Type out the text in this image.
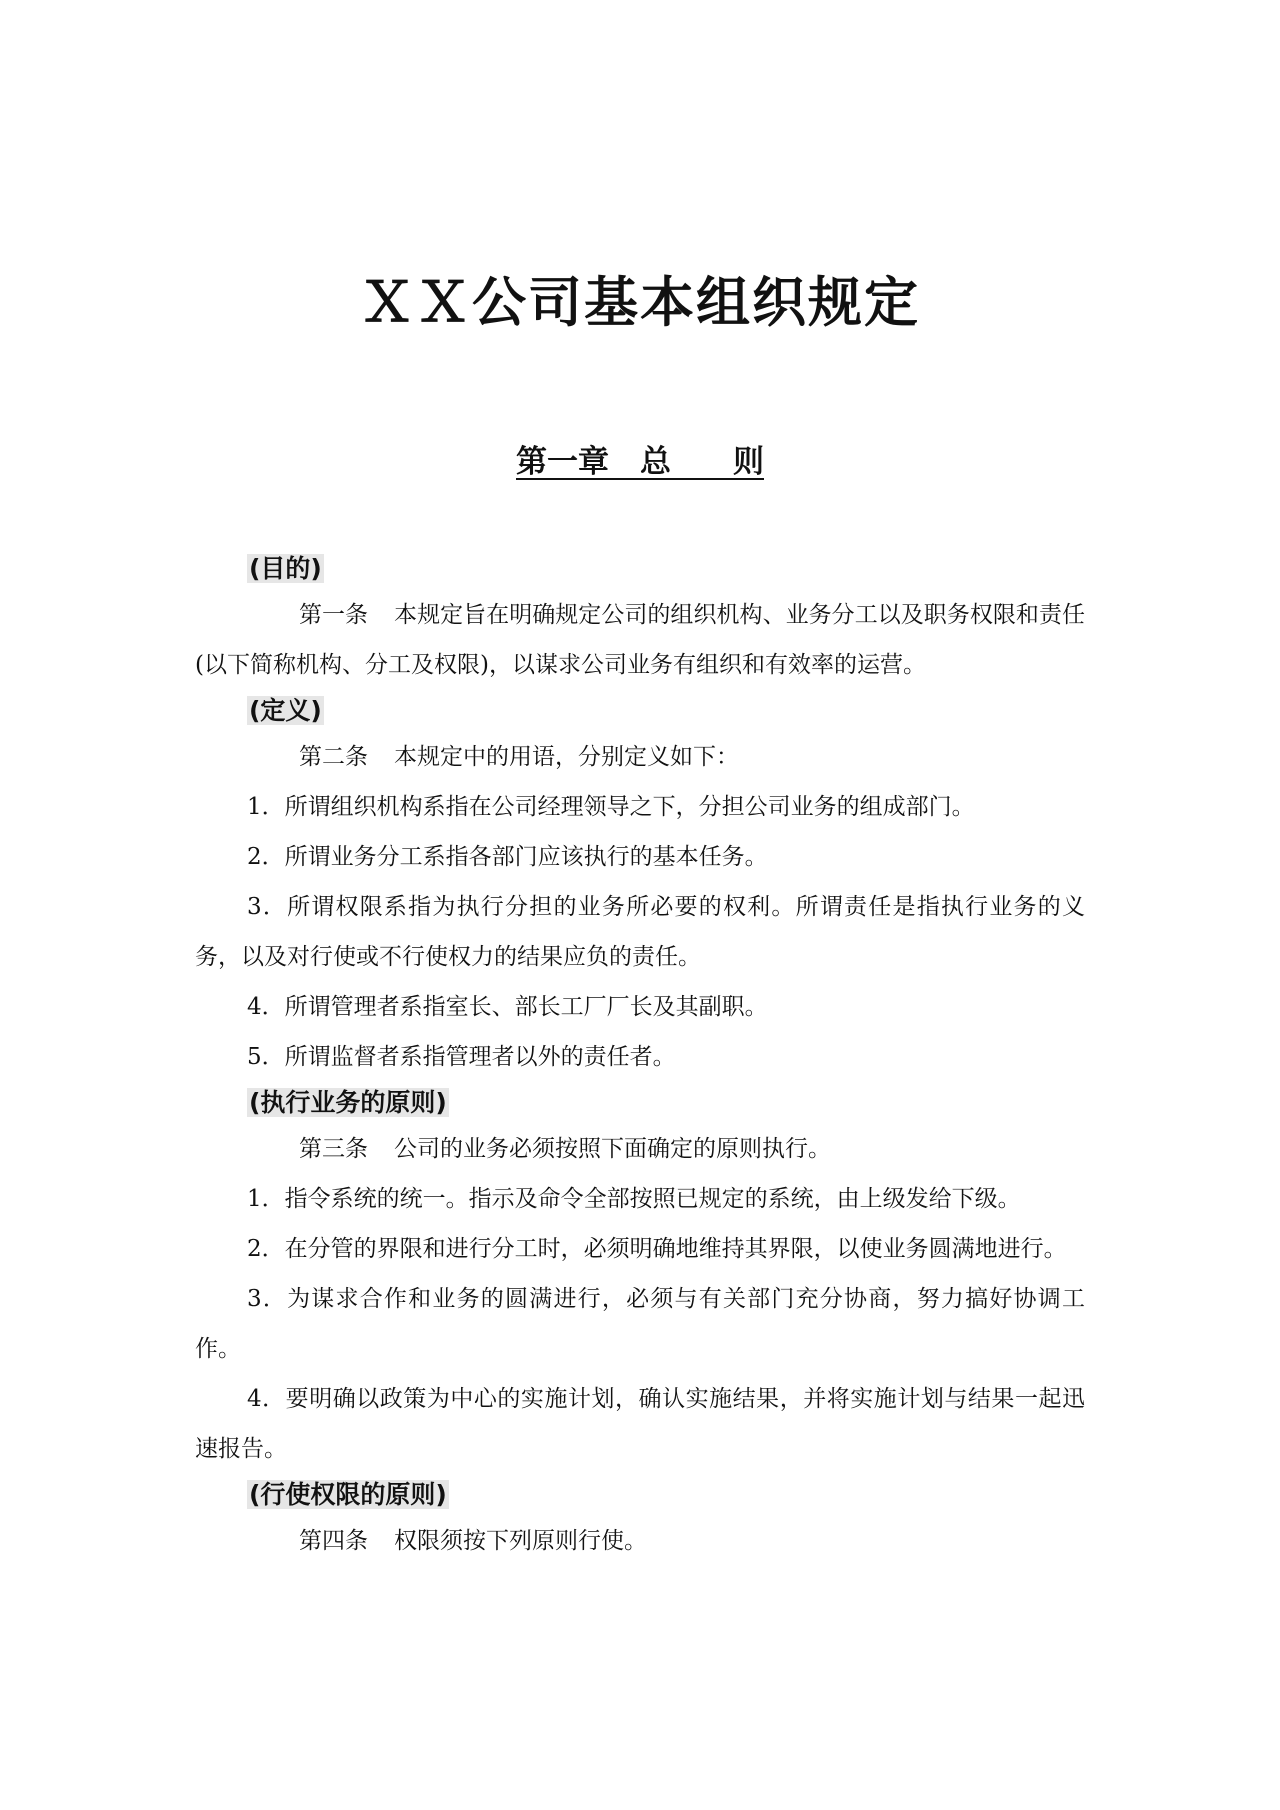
ＸＸ公司基本组织规定
第一章　总　　则
(目的)

第一条 本规定旨在明确规定公司的组织机构、业务分工以及职务权限和责任(以下简称机构、分工及权限)，以谋求公司业务有组织和有效率的运营。

(定义)

第二条 本规定中的用语，分别定义如下：

1．所谓组织机构系指在公司经理领导之下，分担公司业务的组成部门。

2．所谓业务分工系指各部门应该执行的基本任务。

3．所谓权限系指为执行分担的业务所必要的权利。所谓责任是指执行业务的义务，以及对行使或不行使权力的结果应负的责任。

4．所谓管理者系指室长、部长工厂厂长及其副职。

5．所谓监督者系指管理者以外的责任者。

(执行业务的原则)

第三条 公司的业务必须按照下面确定的原则执行。

1．指令系统的统一。指示及命令全部按照已规定的系统，由上级发给下级。

2．在分管的界限和进行分工时，必须明确地维持其界限，以使业务圆满地进行。

3．为谋求合作和业务的圆满进行，必须与有关部门充分协商，努力搞好协调工作。

4．要明确以政策为中心的实施计划，确认实施结果，并将实施计划与结果一起迅速报告。

(行使权限的原则)

第四条 权限须按下列原则行使。
